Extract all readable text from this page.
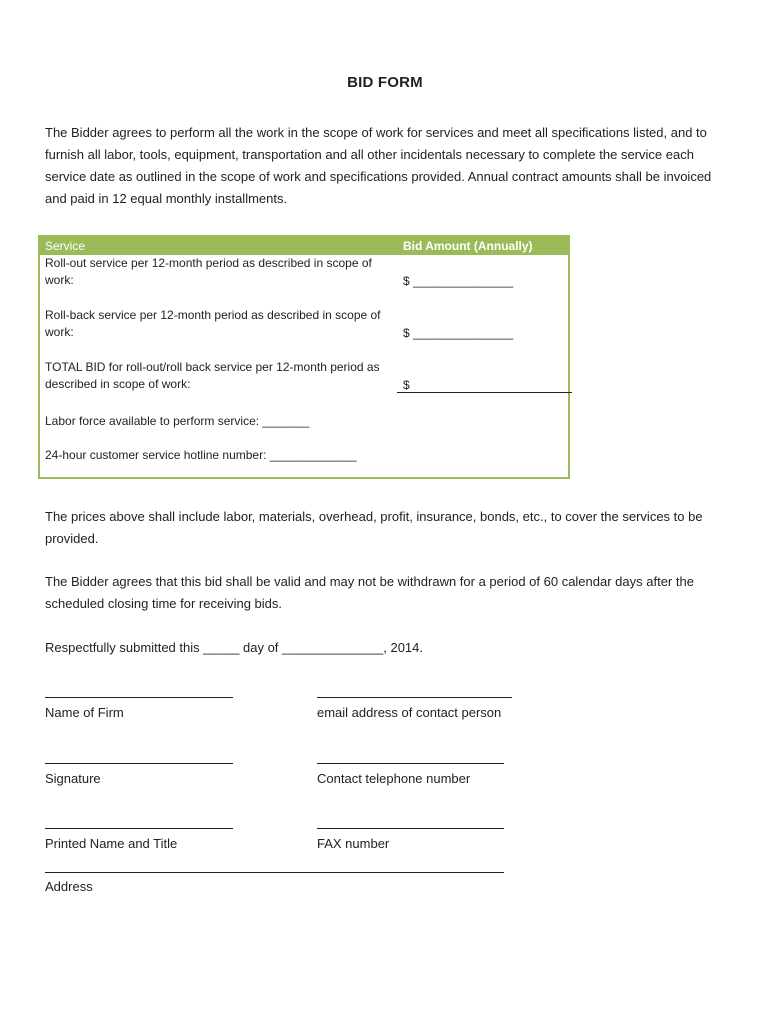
BID FORM

The Bidder agrees to perform all the work in the scope of work for services and meet all specifications listed, and to furnish all labor, tools, equipment, transportation and all other incidentals necessary to complete the service each service date as outlined in the scope of work and specifications provided. Annual contract amounts shall be invoiced and paid in 12 equal monthly installments.

Service	Bid Amount (Annually)
Roll-out service per 12-month period as described in scope of work:	$ _______________
Roll-back service per 12-month period as described in scope of work:	$ _______________
TOTAL BID for roll-out/roll back service per 12-month period as described in scope of work:	$
Labor force available to perform service: _______
24-hour customer service hotline number: _____________

The prices above shall include labor, materials, overhead, profit, insurance, bonds, etc., to cover the services to be provided.

The Bidder agrees that this bid shall be valid and may not be withdrawn for a period of 60 calendar days after the scheduled closing time for receiving bids.

Respectfully submitted this _____ day of ______________, 2014.

Name of Firm	email address of contact person
Signature	Contact telephone number
Printed Name and Title	FAX number
Address
